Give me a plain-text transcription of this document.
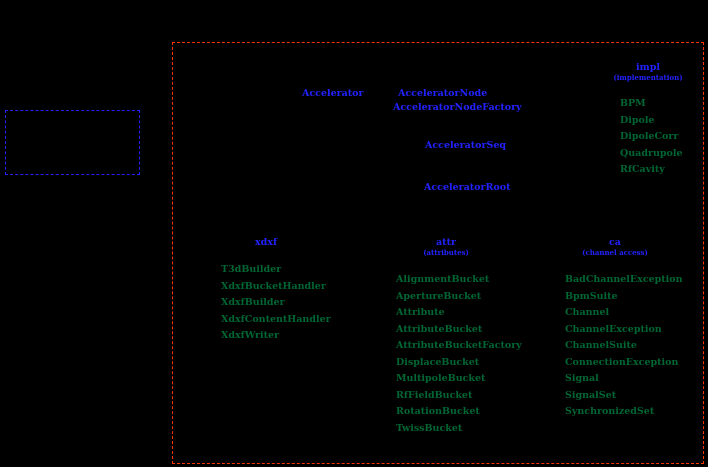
Accelerator	AcceleratorNode
AcceleratorNodeFactory
AcceleratorSeq
AcceleratorRoot
impl
(implementation)
BPM
Dipole
DipoleCorr
Quadrupole
RfCavity
xdxf
T3dBuilder
XdxfBucketHandler
XdxfBuilder
XdxfContentHandler
XdxfWriter
attr
(attributes)
AlignmentBucket
ApertureBucket
Attribute
AttributeBucket
AttributeBucketFactory
DisplaceBucket
MultipoleBucket
RfFieldBucket
RotationBucket
TwissBucket
ca
(channel access)
BadChannelException
BpmSuite
Channel
ChannelException
ChannelSuite
ConnectionException
Signal
SignalSet
SynchronizedSet
